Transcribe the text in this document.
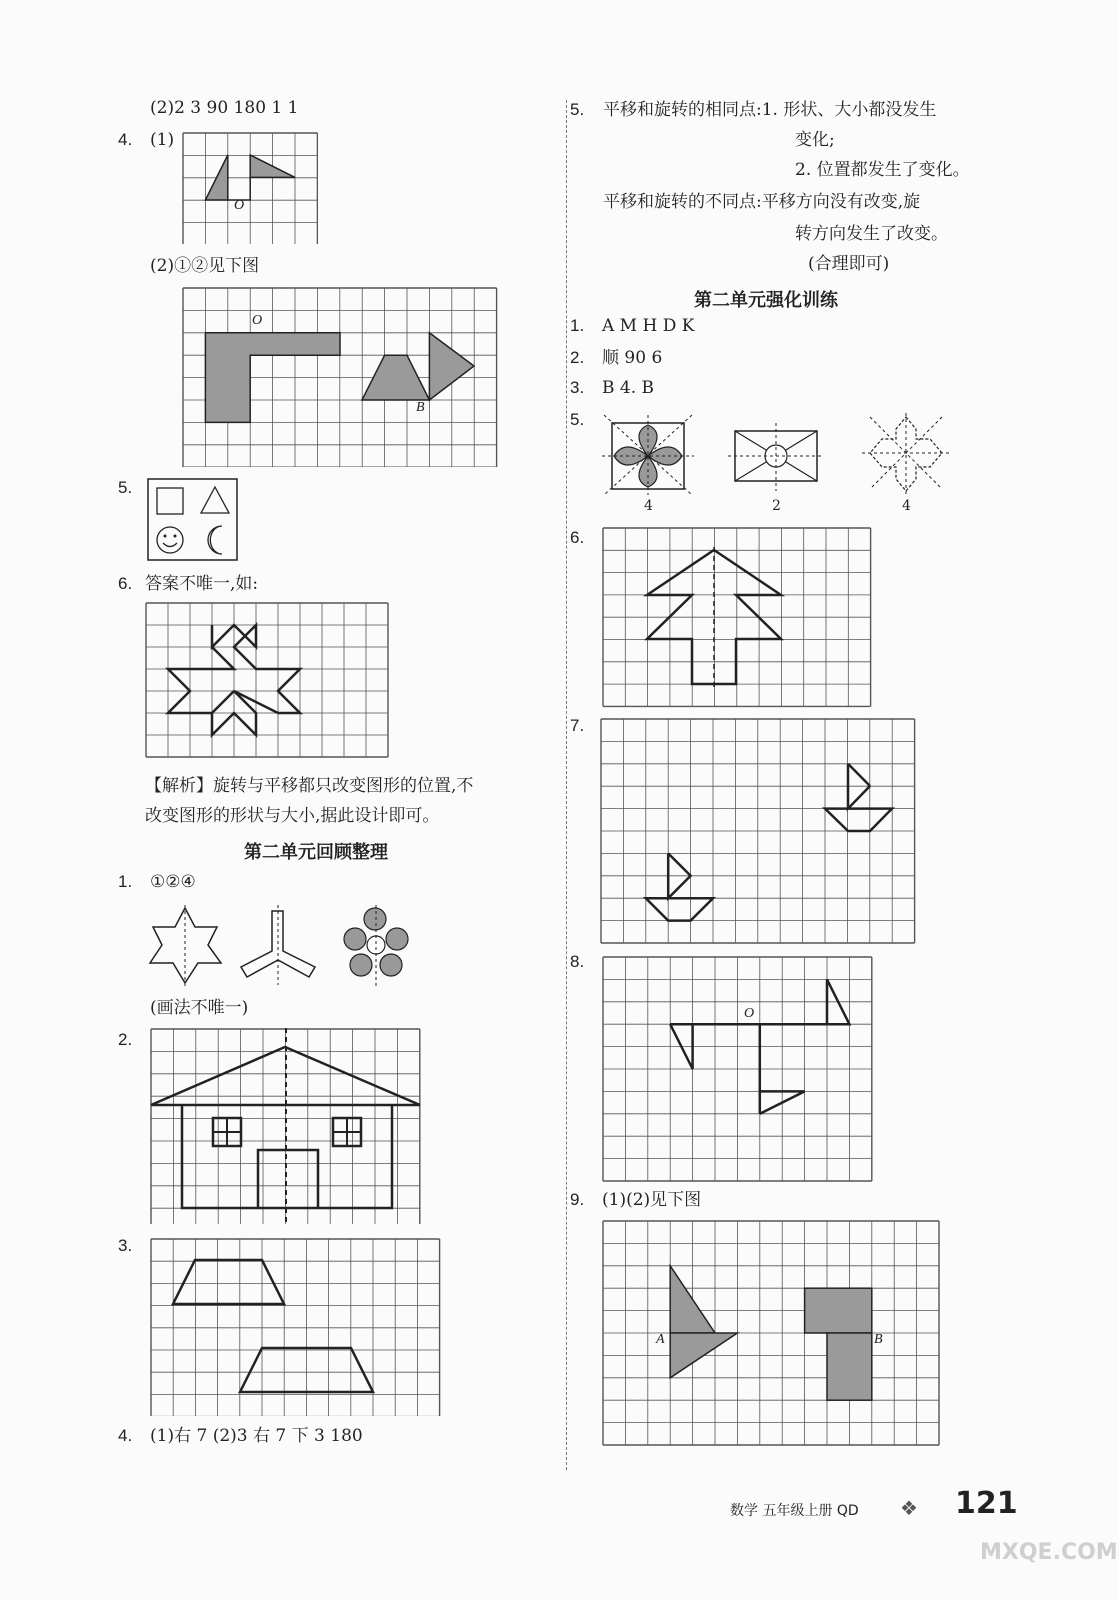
(2)2 3 90 180 1 1
4. (1)
O
(2)①②见下图
O
B
5.
6. 答案不唯一,如:
【解析】旋转与平移都只改变图形的位置,不
改变图形的形状与大小,据此设计即可。
第二单元回顾整理
1. ①②④
(画法不唯一)
2.
3.
4. (1)右 7 (2)3 右 7 下 3 180
5. 平移和旋转的相同点:1. 形状、大小都没发生
变化;
2. 位置都发生了变化。
平移和旋转的不同点:平移方向没有改变,旋
转方向发生了改变。
(合理即可)
第二单元强化训练
1. A M H D K
2. 顺 90 6
3. B 4. B
5.
4	2	4
6.
7.
8.
O
9. (1)(2)见下图
A	B
数学 五年级上册 QD ❖ 121
MXQE.COM
